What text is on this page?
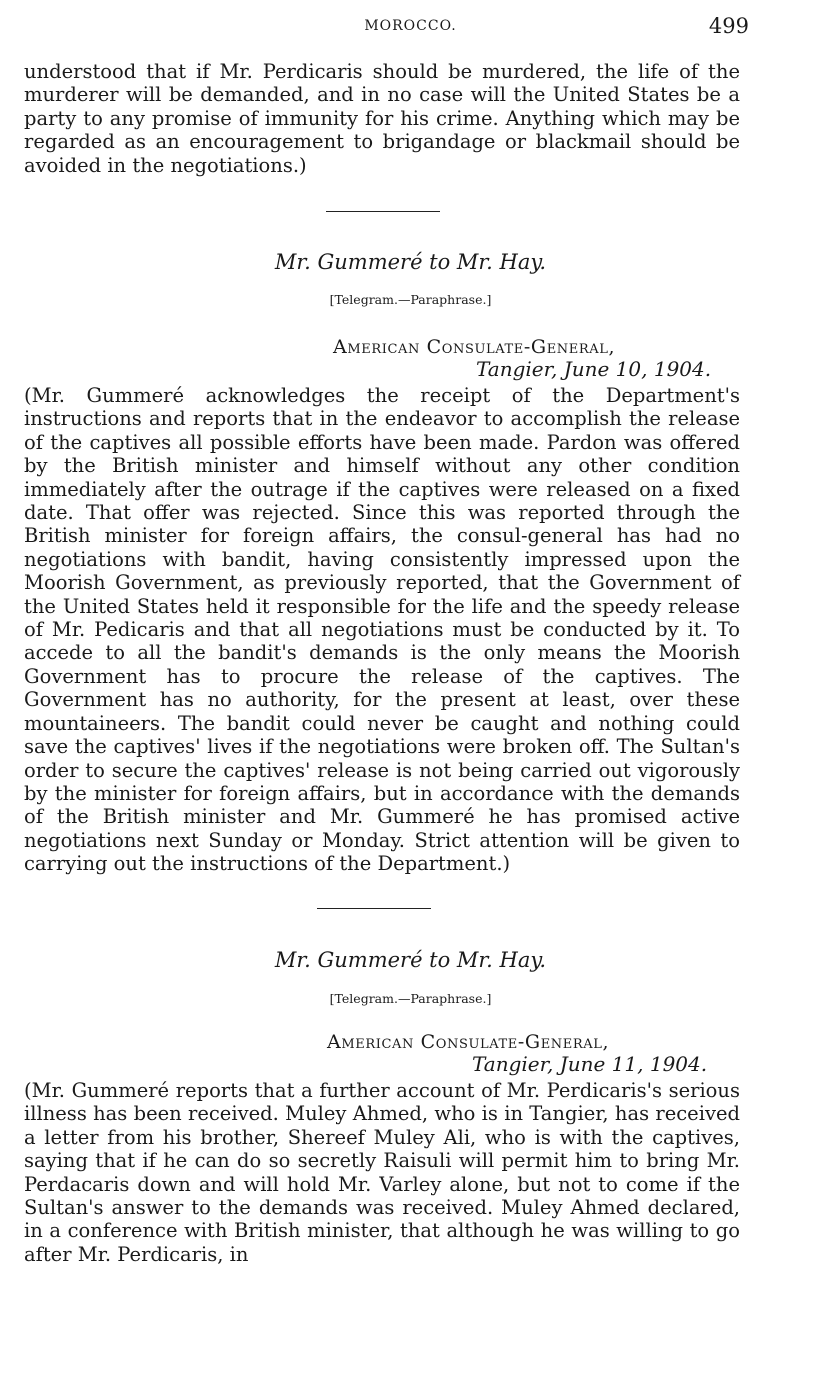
MOROCCO.	499

understood that if Mr. Perdicaris should be murdered, the life of the murderer will be demanded, and in no case will the United States be a party to any promise of immunity for his crime. Anything which may be regarded as an encouragement to brigandage or blackmail should be avoided in the negotiations.)

Mr. Gummeré to Mr. Hay.
[Telegram.—Paraphrase.]
American Consulate-General,
Tangier, June 10, 1904.

(Mr. Gummeré acknowledges the receipt of the Department's instructions and reports that in the endeavor to accomplish the release of the captives all possible efforts have been made. Pardon was offered by the British minister and himself without any other condition immediately after the outrage if the captives were released on a fixed date. That offer was rejected. Since this was reported through the British minister for foreign affairs, the consul-general has had no negotiations with bandit, having consistently impressed upon the Moorish Government, as previously reported, that the Government of the United States held it responsible for the life and the speedy release of Mr. Pedicaris and that all negotiations must be conducted by it. To accede to all the bandit's demands is the only means the Moorish Government has to procure the release of the captives. The Government has no authority, for the present at least, over these mountaineers. The bandit could never be caught and nothing could save the captives' lives if the negotiations were broken off. The Sultan's order to secure the captives' release is not being carried out vigorously by the minister for foreign affairs, but in accordance with the demands of the British minister and Mr. Gummeré he has promised active negotiations next Sunday or Monday. Strict attention will be given to carrying out the instructions of the Department.)

Mr. Gummeré to Mr. Hay.
[Telegram.—Paraphrase.]
American Consulate-General,
Tangier, June 11, 1904.

(Mr. Gummeré reports that a further account of Mr. Perdicaris's serious illness has been received. Muley Ahmed, who is in Tangier, has received a letter from his brother, Shereef Muley Ali, who is with the captives, saying that if he can do so secretly Raisuli will permit him to bring Mr. Perdacaris down and will hold Mr. Varley alone, but not to come if the Sultan's answer to the demands was received. Muley Ahmed declared, in a conference with British minister, that although he was willing to go after Mr. Perdicaris, in
